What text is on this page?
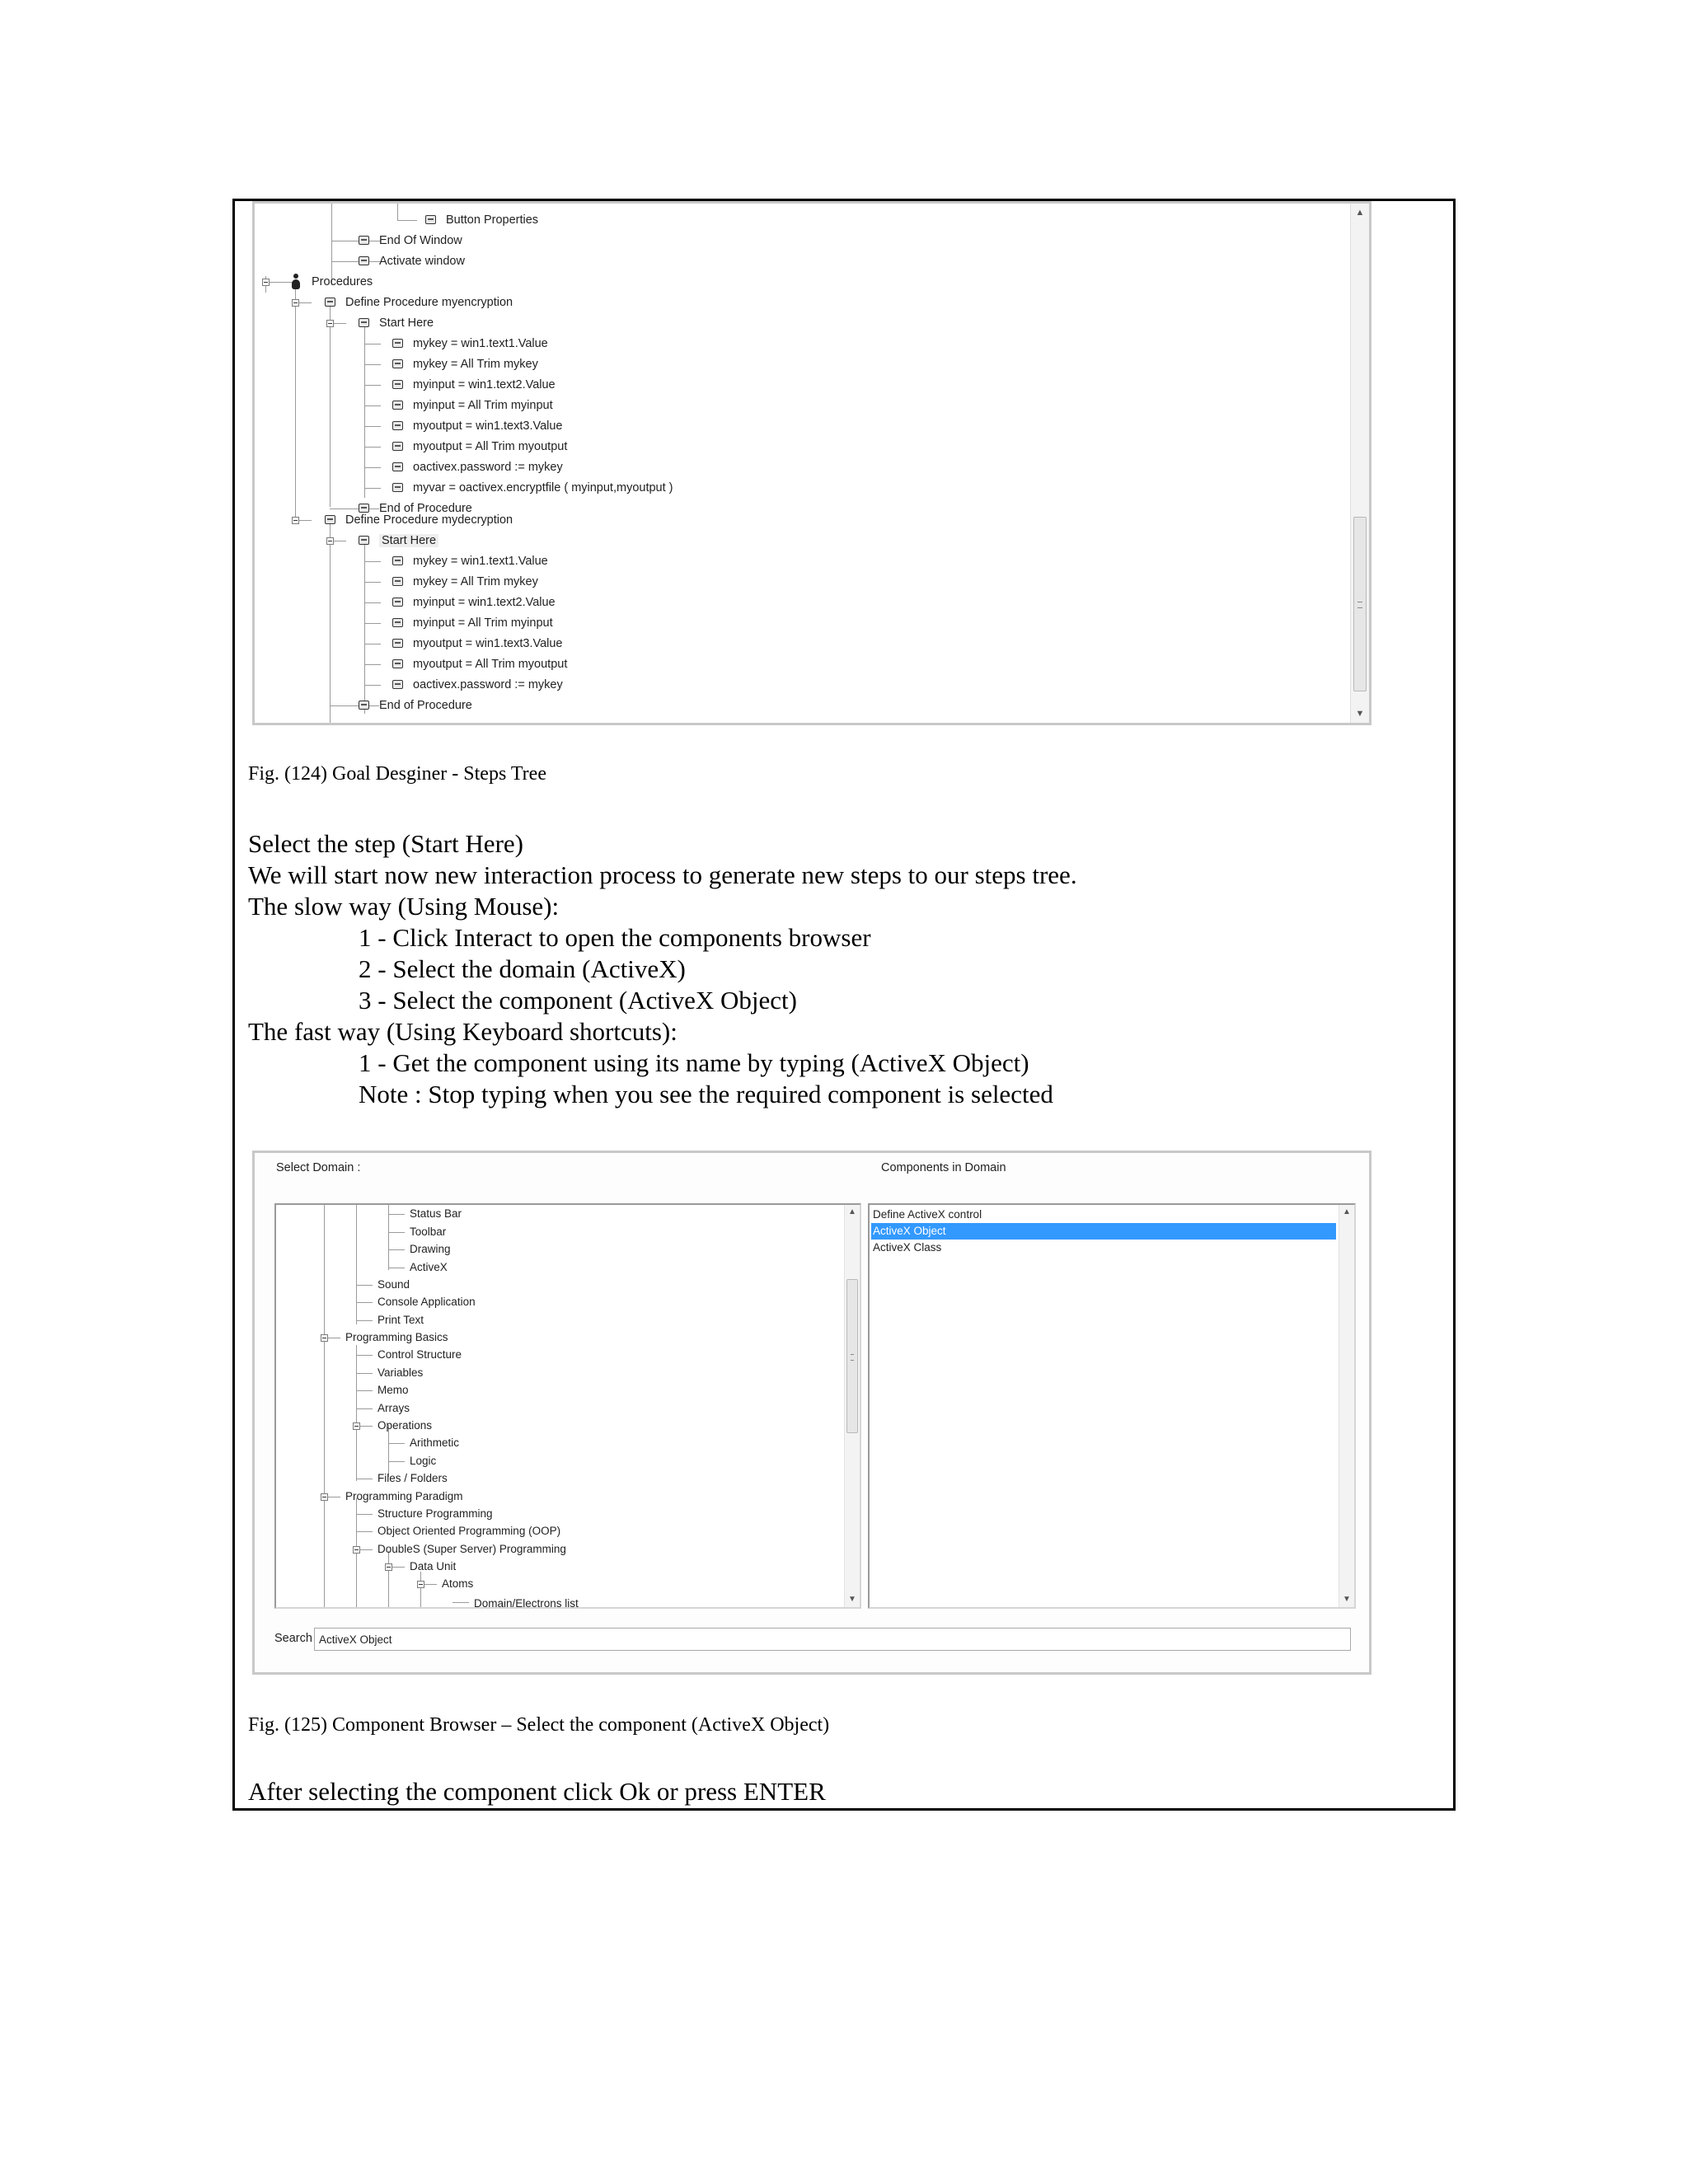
Button Properties
End Of Window
Activate window
Procedures
Define Procedure myencryption
Start Here
mykey = win1.text1.Value
mykey = All Trim mykey
myinput = win1.text2.Value
myinput = All Trim myinput
myoutput = win1.text3.Value
myoutput = All Trim myoutput
oactivex.password := mykey
myvar = oactivex.encryptfile ( myinput,myoutput )
End of Procedure
Define Procedure mydecryption
Start Here
mykey = win1.text1.Value
mykey = All Trim mykey
myinput = win1.text2.Value
myinput = All Trim myinput
myoutput = win1.text3.Value
myoutput = All Trim myoutput
oactivex.password := mykey
End of Procedure
▲
▼
Fig. (124) Goal Desginer - Steps Tree
Select the step (Start Here)
We will start now new interaction process to generate new steps to our steps tree.
The slow way (Using Mouse):
1 - Click Interact to open the components browser
2 - Select the domain (ActiveX)
3 - Select the component (ActiveX Object)
The fast way (Using Keyboard shortcuts):
1 - Get the component using its name by typing (ActiveX Object)
Note : Stop typing when you see the required component is selected
Select Domain :	Components in Domain
Status Bar
Toolbar
Drawing
ActiveX
Sound
Console Application
Print Text
Programming Basics
Control Structure
Variables
Memo
Arrays
Operations
Arithmetic
Logic
Files / Folders
Programming Paradigm
Structure Programming
Object Oriented Programming (OOP)
DoubleS (Super Server) Programming
Data Unit
Atoms
Domain/Electrons list
▲
▼
Define ActiveX control
ActiveX Object
ActiveX Class
▲
▼
Search
ActiveX Object
Fig. (125) Component Browser – Select the component (ActiveX Object)
After selecting the component click Ok or press ENTER
